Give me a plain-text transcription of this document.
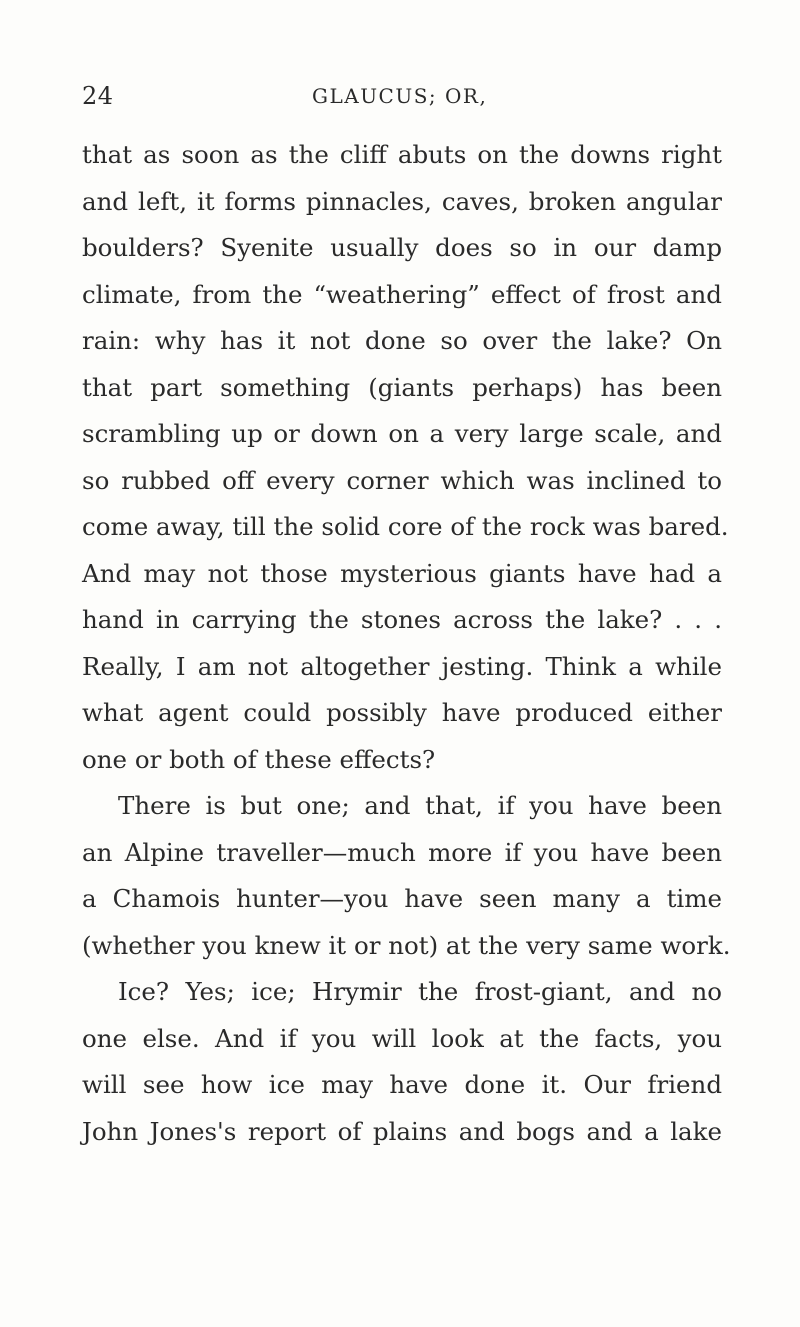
24	GLAUCUS; OR,
that as soon as the cliff abuts on the downs right
and left, it forms pinnacles, caves, broken angular
boulders? Syenite usually does so in our damp
climate, from the “weathering” effect of frost and
rain: why has it not done so over the lake? On
that part something (giants perhaps) has been
scrambling up or down on a very large scale, and
so rubbed off every corner which was inclined to
come away, till the solid core of the rock was bared.
And may not those mysterious giants have had a
hand in carrying the stones across the lake? . . .
Really, I am not altogether jesting. Think a while
what agent could possibly have produced either
one or both of these effects?
There is but one; and that, if you have been
an Alpine traveller—much more if you have been
a Chamois hunter—you have seen many a time
(whether you knew it or not) at the very same work.
Ice? Yes; ice; Hrymir the frost-giant, and no
one else. And if you will look at the facts, you
will see how ice may have done it. Our friend
John Jones's report of plains and bogs and a lake
